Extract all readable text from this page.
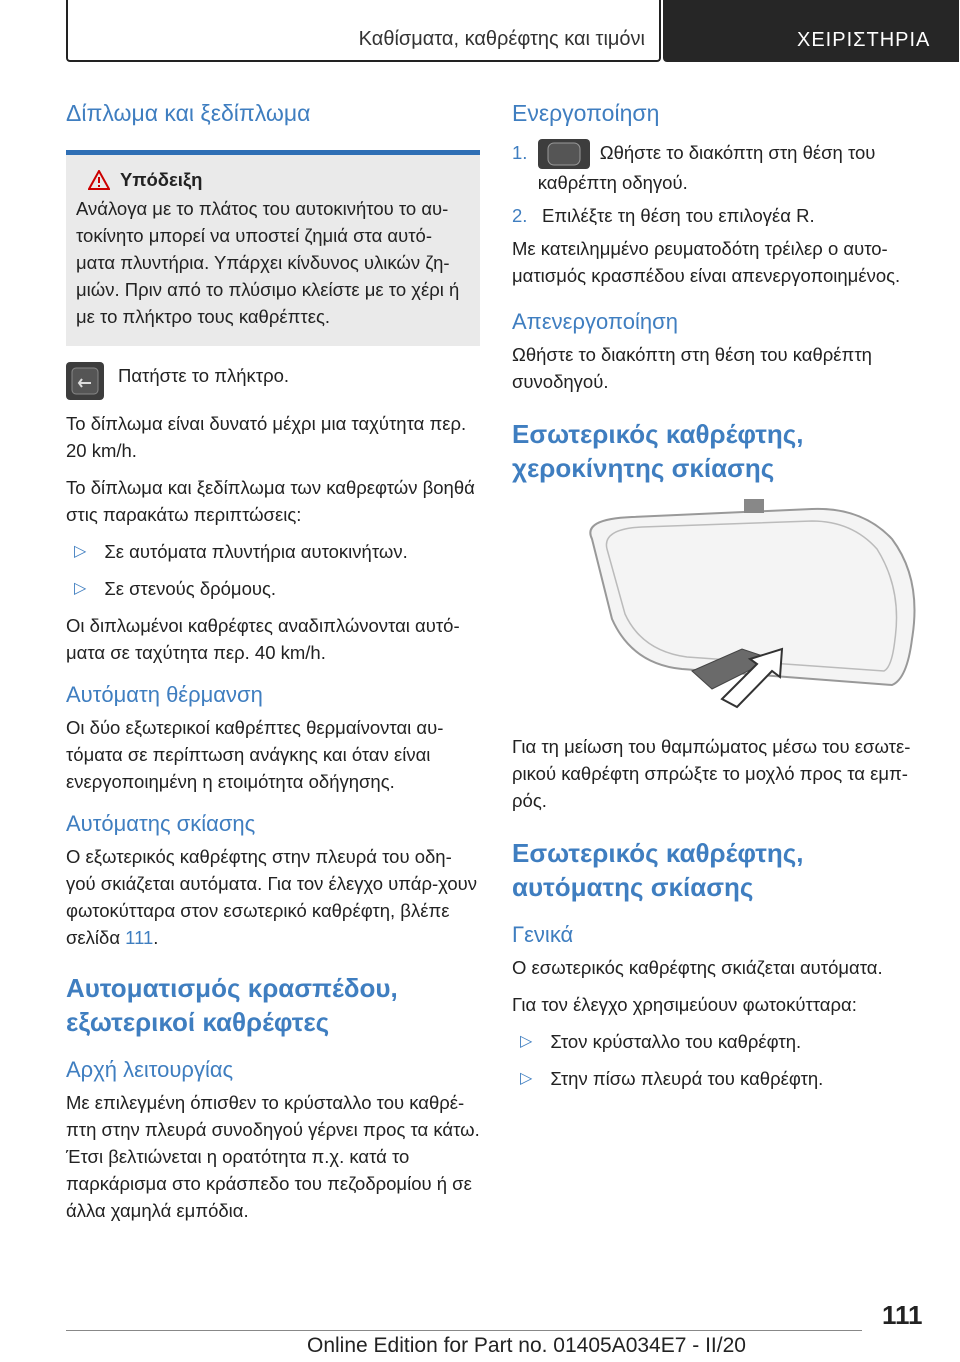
Καθίσματα, καθρέφτης και τιμόνι	ΧΕΙΡΙΣΤΗΡΙΑ
Δίπλωμα και ξεδίπλωμα
Υπόδειξη

Ανάλογα με το πλάτος του αυτοκινήτου το αυ‐τοκίνητο μπορεί να υποστεί ζημιά στα αυτό‐ματα πλυντήρια. Υπάρχει κίνδυνος υλικών ζη‐μιών. Πριν από το πλύσιμο κλείστε με το χέρι ή με το πλήκτρο τους καθρέπτες.

Πατήστε το πλήκτρο.

Το δίπλωμα είναι δυνατό μέχρι μια ταχύτητα περ. 20 km/h.

Το δίπλωμα και ξεδίπλωμα των καθρεφτών βοηθά στις παρακάτω περιπτώσεις:

▷ Σε αυτόματα πλυντήρια αυτοκινήτων.

▷ Σε στενούς δρόμους.

Οι διπλωμένοι καθρέφτες αναδιπλώνονται αυτό‐ματα σε ταχύτητα περ. 40 km/h.

Αυτόματη θέρμανση

Οι δύο εξωτερικοί καθρέπτες θερμαίνονται αυ‐τόματα σε περίπτωση ανάγκης και όταν είναι ενεργοποιημένη η ετοιμότητα οδήγησης.

Αυτόματης σκίασης

Ο εξωτερικός καθρέφτης στην πλευρά του οδη‐γού σκιάζεται αυτόματα. Για τον έλεγχο υπάρ‐χουν φωτοκύτταρα στον εσωτερικό καθρέφτη, βλέπε σελίδα 111.

Αυτοματισμός κρασπέδου,
εξωτερικοί καθρέφτες
Αρχή λειτουργίας

Με επιλεγμένη όπισθεν το κρύσταλλο του καθρέ‐πτη στην πλευρά συνοδηγού γέρνει προς τα κάτω. Έτσι βελτιώνεται η ορατότητα π.χ. κατά το παρκάρισμα στο κράσπεδο του πεζοδρομίου ή σε άλλα χαμηλά εμπόδια.

Ενεργοποίηση
1.	Ωθήστε το διακόπτη στη θέση του καθρέπτη οδηγού.

2. Επιλέξτε τη θέση του επιλογέα R.

Με κατειλημμένο ρευματοδότη τρέιλερ ο αυτο‐ματισμός κρασπέδου είναι απενεργοποιημένος.

Απενεργοποίηση

Ωθήστε το διακόπτη στη θέση του καθρέπτη συνοδηγού.

Εσωτερικός καθρέφτης,
χεροκίνητης σκίασης

Για τη μείωση του θαμπώματος μέσω του εσωτε‐ρικού καθρέφτη σπρώξτε το μοχλό προς τα εμπ‐ρός.

Εσωτερικός καθρέφτης,
αυτόματης σκίασης
Γενικά

Ο εσωτερικός καθρέφτης σκιάζεται αυτόματα.

Για τον έλεγχο χρησιμεύουν φωτοκύτταρα:

▷ Στον κρύσταλλο του καθρέφτη.

▷ Στην πίσω πλευρά του καθρέφτη.

111
Online Edition for Part no. 01405A034E7 - II/20
